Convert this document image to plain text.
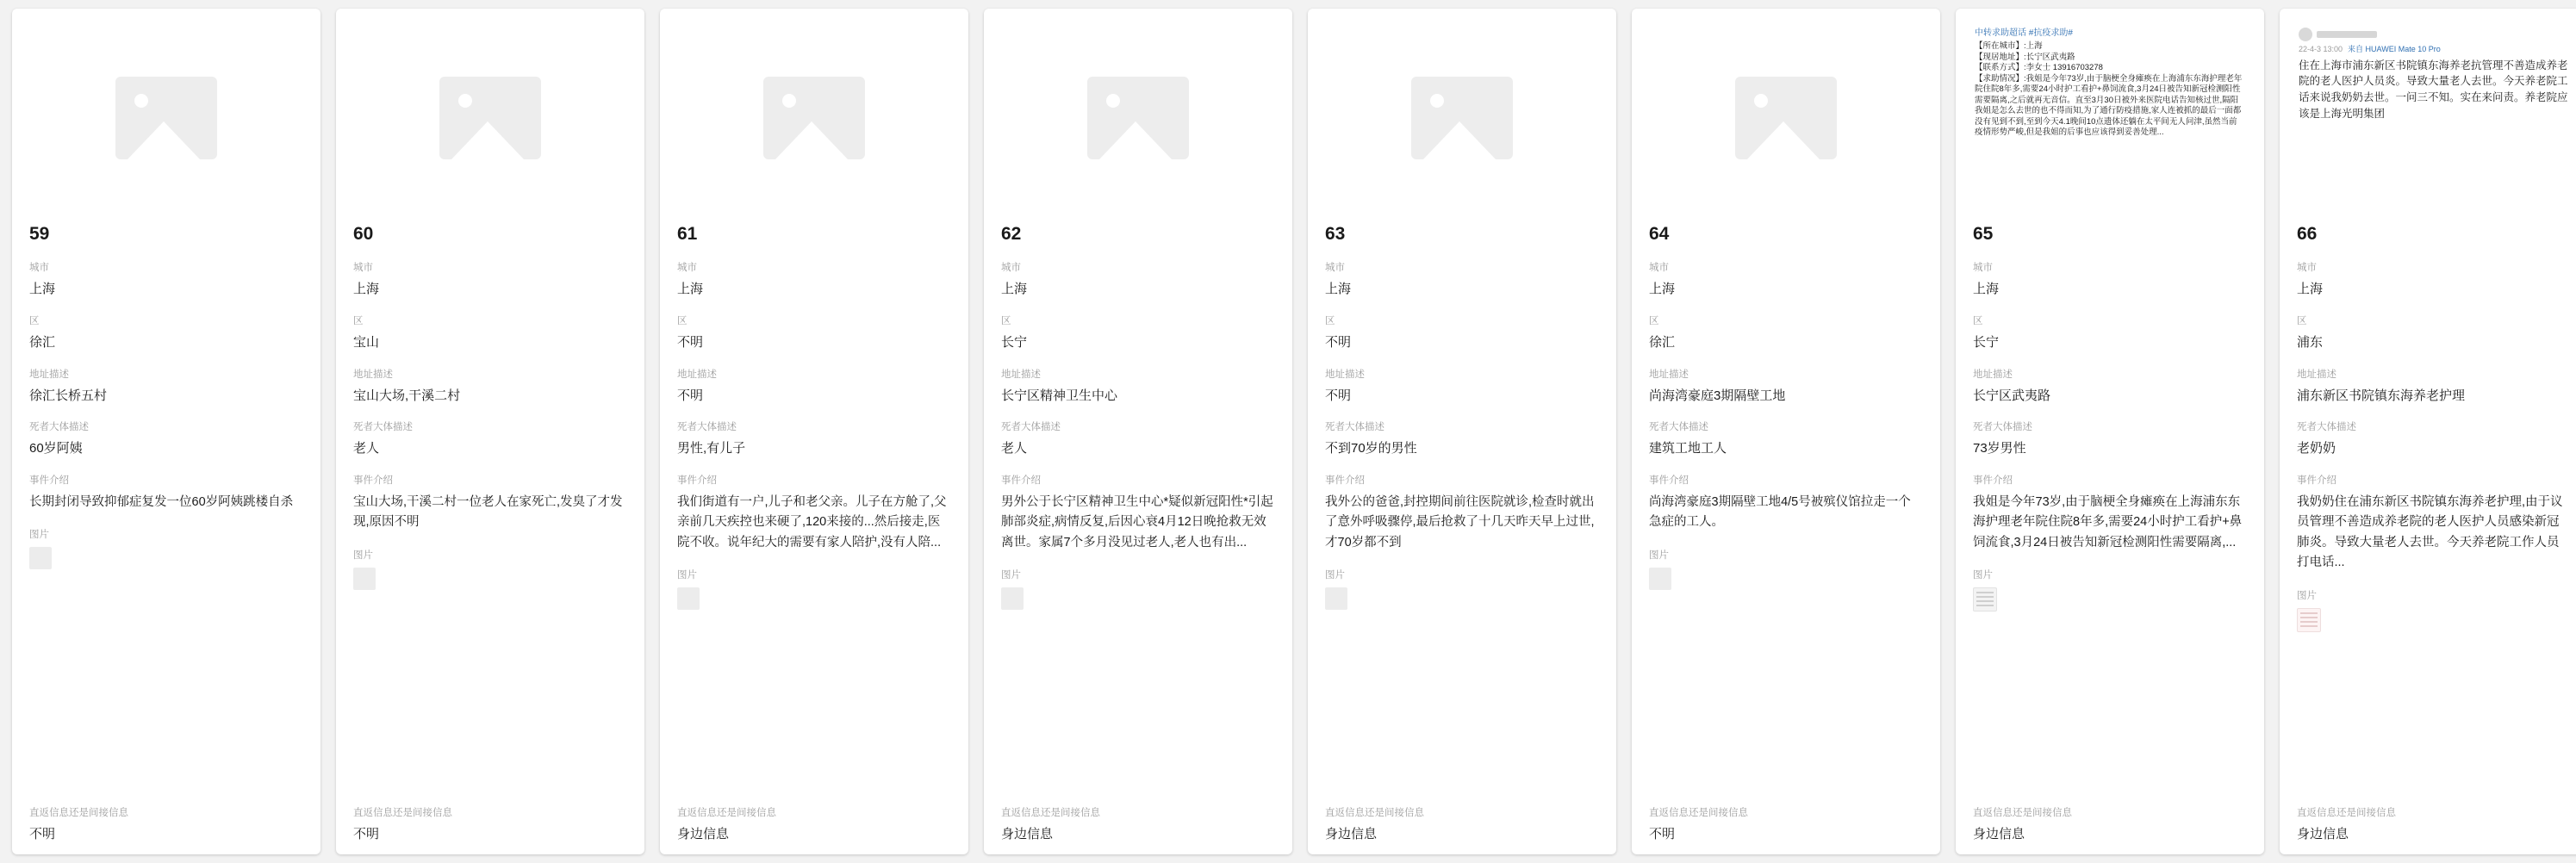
59
城市
上海
区
徐汇
地址描述
徐汇长桥五村
死者大体描述
60岁阿姨
事件介绍
长期封闭导致抑郁症复发一位60岁阿姨跳楼自杀
图片
直返信息还是间接信息
不明
60
城市
上海
区
宝山
地址描述
宝山大场,干溪二村
死者大体描述
老人
事件介绍
宝山大场,干溪二村一位老人在家死亡,发臭了才发现,原因不明
图片
直返信息还是间接信息
不明
61
城市
上海
区
不明
地址描述
不明
死者大体描述
男性,有儿子
事件介绍
我们街道有一户,儿子和老父亲。儿子在方舱了,父亲前几天疾控也来硬了,120来接的...然后接走,医院不收。说年纪大的需要有家人陪护,没有人陪...
图片
直返信息还是间接信息
身边信息
62
城市
上海
区
长宁
地址描述
长宁区精神卫生中心
死者大体描述
老人
事件介绍
男外公于长宁区精神卫生中心*疑似新冠阳性*引起肺部炎症,病情反复,后因心衰4月12日晚抢救无效离世。家属7个多月没见过老人,老人也有出...
图片
直返信息还是间接信息
身边信息
63
城市
上海
区
不明
地址描述
不明
死者大体描述
不到70岁的男性
事件介绍
我外公的爸爸,封控期间前往医院就诊,检查时就出了意外呼吸骤停,最后抢救了十几天昨天早上过世,才70岁都不到
图片
直返信息还是间接信息
身边信息
64
城市
上海
区
徐汇
地址描述
尚海湾豪庭3期隔壁工地
死者大体描述
建筑工地工人
事件介绍
尚海湾豪庭3期隔壁工地4/5号被殡仪馆拉走一个急症的工人。
图片
直返信息还是间接信息
不明
中转求助超话 #抗疫求助#
【所在城市】:上海
【现居地址】:长宁区武夷路
【联系方式】:李女士 13916703278
【求助情况】:我姐是今年73岁,由于脑梗全身瘫痪在上海浦东东海护理老年院住院8年多,需要24小时护工看护+鼻饲流食,3月24日被告知新冠检测阳性需要隔离,之后就再无音信。直至3月30日被外来医院电话告知核过世,隔阳我姐是怎么去世的也不得而知,为了通行防疫措施,家人连被抓的最后一面都没有见到不到,至到今天4.1晚间10点遗体还躺在太平间无人问津,虽然当前疫情形势严峻,但是我姐的后事也应该得到妥善处理...
65
城市
上海
区
长宁
地址描述
长宁区武夷路
死者大体描述
73岁男性
事件介绍
我姐是今年73岁,由于脑梗全身瘫痪在上海浦东东海护理老年院住院8年多,需要24小时护工看护+鼻饲流食,3月24日被告知新冠检测阳性需要隔离,...
图片
直返信息还是间接信息
身边信息
22-4-3 13:00 来自 HUAWEI Mate 10 Pro
住在上海市浦东新区书院镇东海养老抗管理不善造成养老院的老人医护人员炎。导致大量老人去世。今天养老院工话来说我奶奶去世。一问三不知。实在来问责。养老院应该是上海光明集团
66
城市
上海
区
浦东
地址描述
浦东新区书院镇东海养老护理
死者大体描述
老奶奶
事件介绍
我奶奶住在浦东新区书院镇东海养老护理,由于议员管理不善造成养老院的老人医护人员感染新冠肺炎。导致大量老人去世。今天养老院工作人员打电话...
图片
直返信息还是间接信息
身边信息
